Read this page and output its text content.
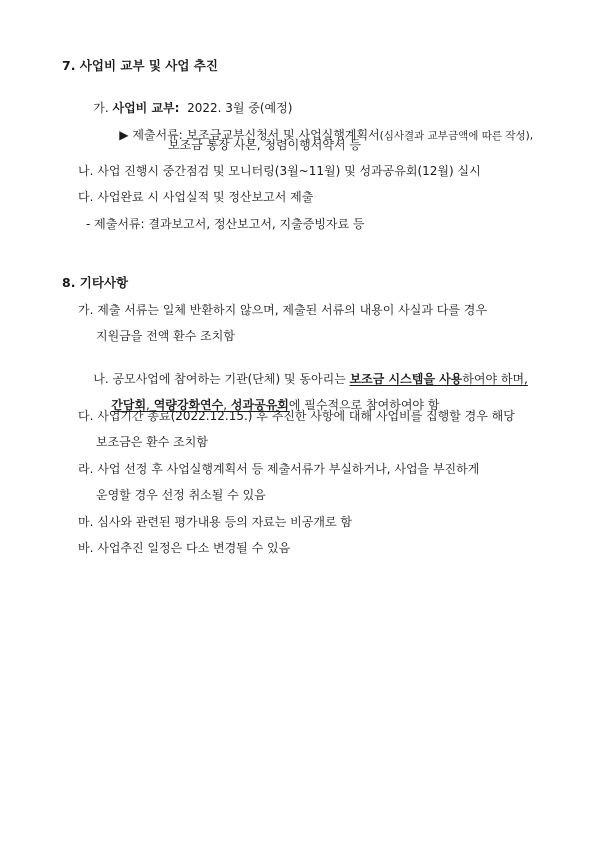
7. 사업비 교부 및 사업 추진

가. 사업비 교부:  2022. 3월 중(예정)

▶ 제출서류: 보조금교부신청서 및 사업실행계획서(심사결과 교부금액에 따른 작성),

보조금 통장 사본, 청렴이행서약서 등
나. 사업 진행시 중간점검 및 모니터링(3월~11월) 및 성과공유회(12월) 실시
다. 사업완료 시 사업실적 및 정산보고서 제출
- 제출서류: 결과보고서, 정산보고서, 지출증빙자료 등
8. 기타사항
가. 제출 서류는 일체 반환하지 않으며, 제출된 서류의 내용이 사실과 다를 경우
지원금을 전액 환수 조치함

나. 공모사업에 참여하는 기관(단체) 및 동아리는 보조금 시스템을 사용하여야 하며,

간담회, 역량강화연수, 성과공유회에 필수적으로 참여하여야 함

다. 사업기간 종료(2022.12.15.) 후 추진한 사항에 대해 사업비를 집행할 경우 해당
보조금은 환수 조치함
라. 사업 선정 후 사업실행계획서 등 제출서류가 부실하거나, 사업을 부진하게
운영할 경우 선정 취소될 수 있음
마. 심사와 관련된 평가내용 등의 자료는 비공개로 함
바. 사업추진 일정은 다소 변경될 수 있음
